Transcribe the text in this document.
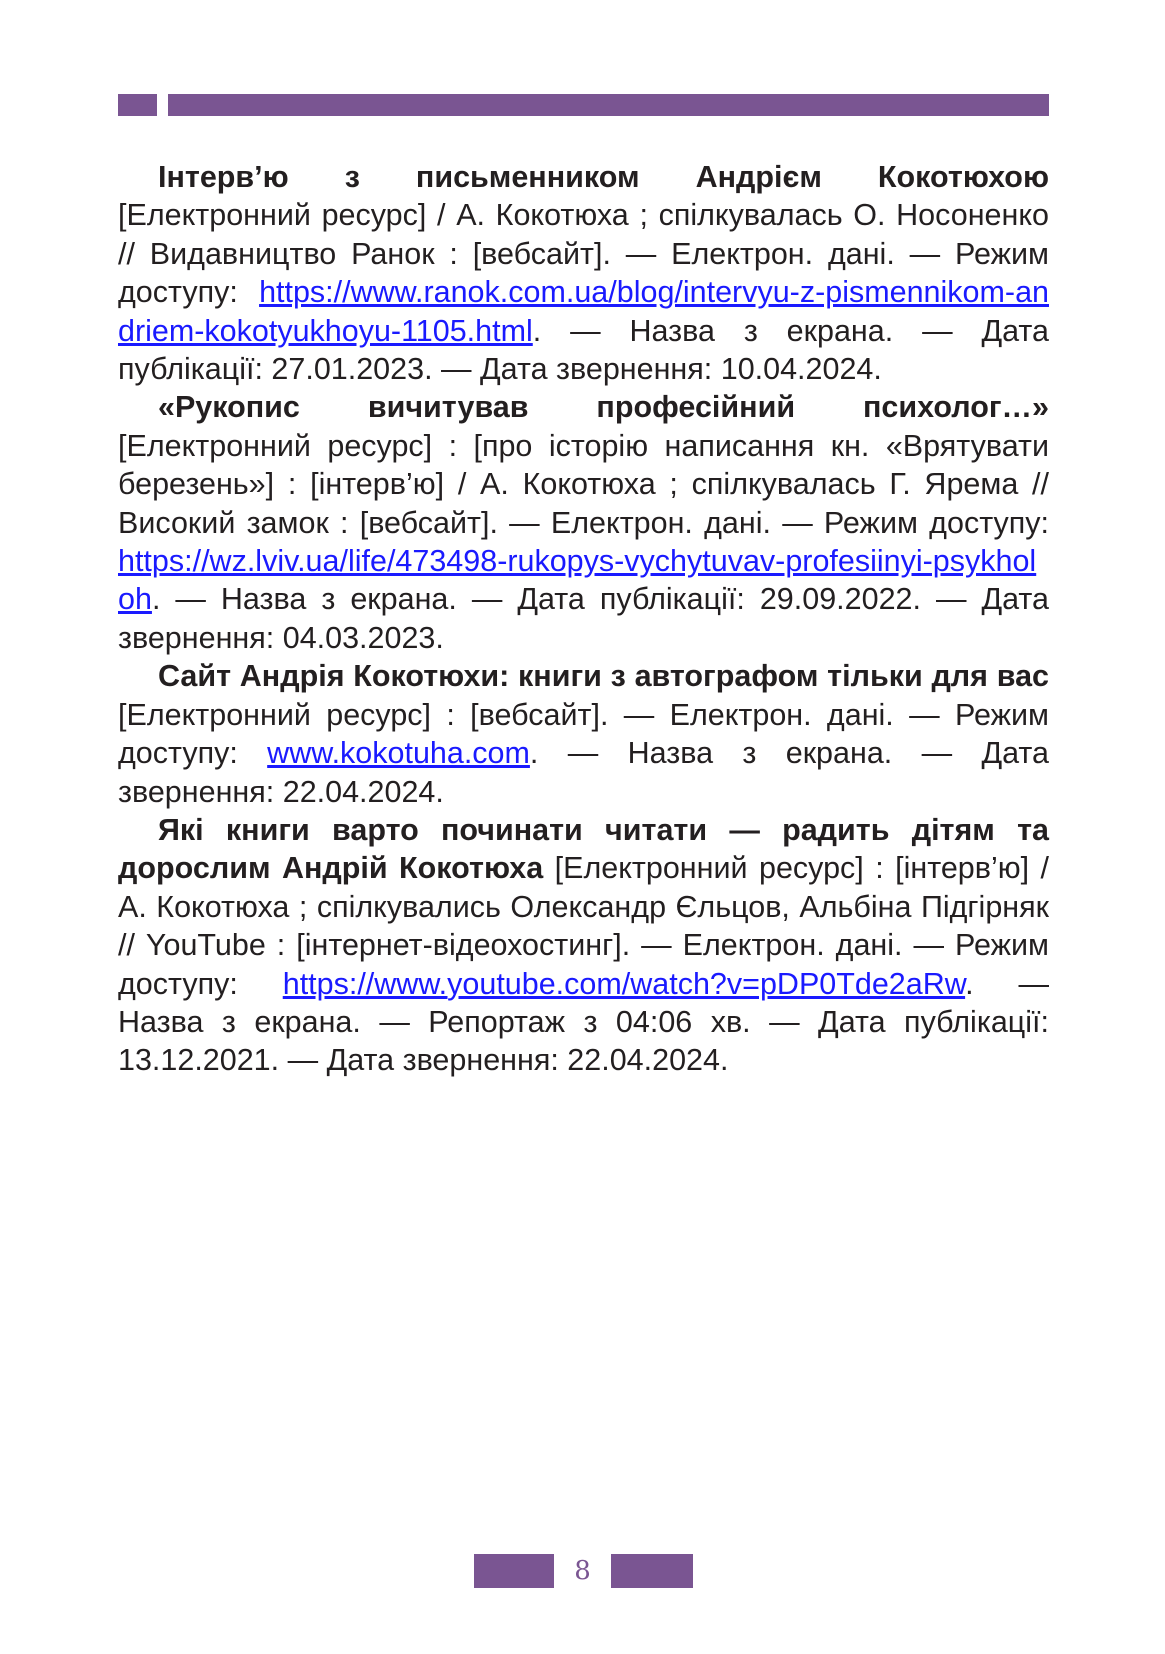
Інтерв’ю з письменником Андрієм Кокотюхою [Електронний ресурс] / А. Кокотюха ; спілкувалась О. Носоненко // Видавництво Ранок : [вебсайт]. — Електрон. дані. — Режим доступу: https://www.ranok.com.ua/blog/intervyu-z-pismennikom-andriem-kokotyukhoyu-1105.html. — Назва з екрана. — Дата публікації: 27.01.2023. — Дата звернення: 10.04.2024.

«Рукопис вичитував професійний психолог…» [Електронний ресурс] : [про історію написання кн. «Врятувати березень»] : [інтерв’ю] / А. Кокотюха ; спілкувалась Г. Ярема // Високий замок : [вебсайт]. — Електрон. дані. — Режим доступу: https://wz.lviv.ua/life/473498-rukopys-vychytuvav-profesiinyi-psykholoh. — Назва з екрана. — Дата публікації: 29.09.2022. — Дата звернення: 04.03.2023.

Сайт Андрія Кокотюхи: книги з автографом тільки для вас [Електронний ресурс] : [вебсайт]. — Електрон. дані. — Режим доступу: www.kokotuha.com. — Назва з екрана. — Дата звернення: 22.04.2024.

Які книги варто починати читати — радить дітям та дорослим Андрій Кокотюха [Електронний ресурс] : [інтерв’ю] / А. Кокотюха ; спілкувались Олександр Єльцов, Альбіна Підгірняк // YouTube : [інтернет-відеохостинг]. — Електрон. дані. — Режим доступу: https://www.youtube.com/watch?v=pDP0Tde2aRw. — Назва з екрана. — Репортаж з 04:06 хв. — Дата публікації: 13.12.2021. — Дата звернення: 22.04.2024.

8
